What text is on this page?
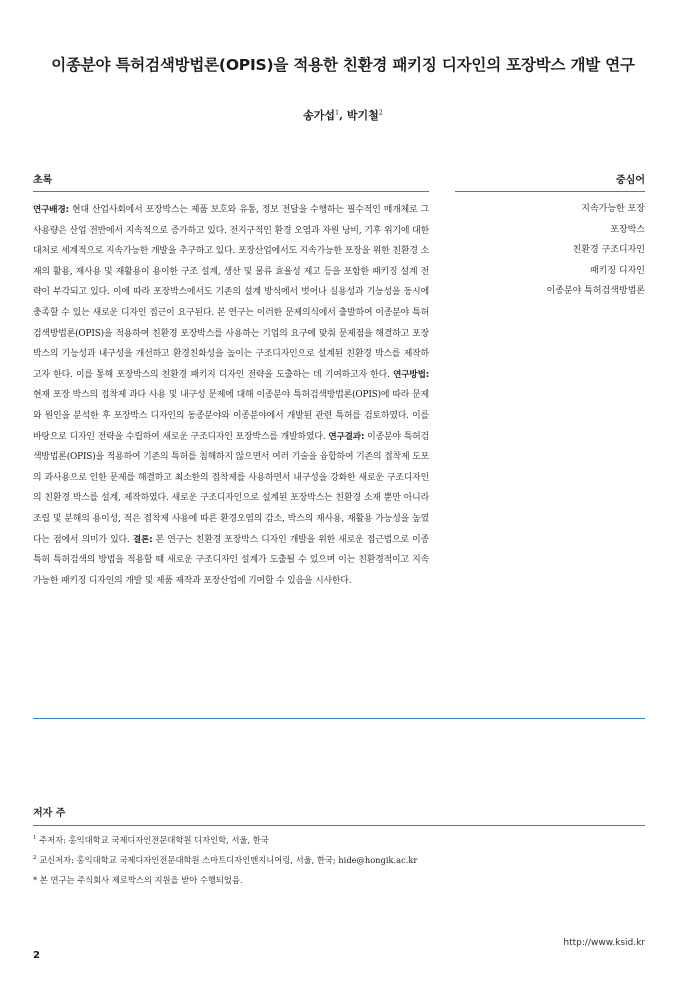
이종분야 특허검색방법론(OPIS)을 적용한 친환경 패키징 디자인의 포장박스 개발 연구
송가섭$^1$, 박기철$^2$
초록	중심어

연구배경: 현대 산업사회에서 포장박스는 제품 보호와 유통, 정보 전달을 수행하는 필수적인 매개체로 그 사용량은 산업 전반에서 지속적으로 증가하고 있다. 전지구적인 환경 오염과 자원 낭비, 기후 위기에 대한 대처로 세계적으로 지속가능한 개발을 추구하고 있다. 포장산업에서도 지속가능한 포장을 위한 친환경 소재의 활용, 재사용 및 재활용이 용이한 구조 설계, 생산 및 물류 효율성 제고 등을 포함한 패키징 설계 전략이 부각되고 있다. 이에 따라 포장박스에서도 기존의 설계 방식에서 벗어나 실용성과 기능성을 동시에 충족할 수 있는 새로운 디자인 접근이 요구된다. 본 연구는 이러한 문제의식에서 출발하여 이종분야 특허검색방법론(OPIS)을 적용하여 친환경 포장박스를 사용하는 기업의 요구에 맞춰 문제점을 해결하고 포장박스의 기능성과 내구성을 개선하고 환경친화성을 높이는 구조디자인으로 설계된 친환경 박스를 제작하고자 한다. 이를 통해 포장박스의 친환경 패키지 디자인 전략을 도출하는 데 기여하고자 한다. 연구방법: 현재 포장 박스의 접착제 과다 사용 및 내구성 문제에 대해 이종분야 특허검색방법론(OPIS)에 따라 문제와 원인을 분석한 후 포장박스 디자인의 동종분야와 이종분야에서 개발된 관련 특허를 검토하였다. 이를 바탕으로 디자인 전략을 수립하여 새로운 구조디자인 포장박스를 개발하였다. 연구결과: 이종분야 특허검색방법론(OPIS)을 적용하여 기존의 특허를 침해하지 않으면서 여러 기술을 융합하여 기존의 접착제 도포의 과사용으로 인한 문제를 해결하고 최소한의 접착제를 사용하면서 내구성을 강화한 새로운 구조디자인의 친환경 박스를 설계, 제작하였다. 새로운 구조디자인으로 설계된 포장박스는 친환경 소재 뿐만 아니라 조립 및 분해의 용이성, 적은 접착제 사용에 따른 환경오염의 감소, 박스의 재사용, 재활용 가능성을 높였다는 점에서 의미가 있다. 결론: 본 연구는 친환경 포장박스 디자인 개발을 위한 새로운 접근법으로 이종특허 특허검색의 방법을 적용할 때 새로운 구조디자인 설계가 도출될 수 있으며 이는 친환경적이고 지속가능한 패키징 디자인의 개발 및 제품 제작과 포장산업에 기여할 수 있음을 시사한다.

지속가능한 포장
포장박스
친환경 구조디자인
패키징 디자인
이종분야 특허검색방법론
저자 주
$^1$ 주저자: 홍익대학교 국제디자인전문대학원 디자인학, 서울, 한국
$^2$ 교신저자: 홍익대학교 국제디자인전문대학원 스마트디자인엔지니어링, 서울, 한국; hide@hongik.ac.kr
* 본 연구는 주식회사 제로박스의 지원을 받아 수행되었음.
http://www.ksid.kr
2
